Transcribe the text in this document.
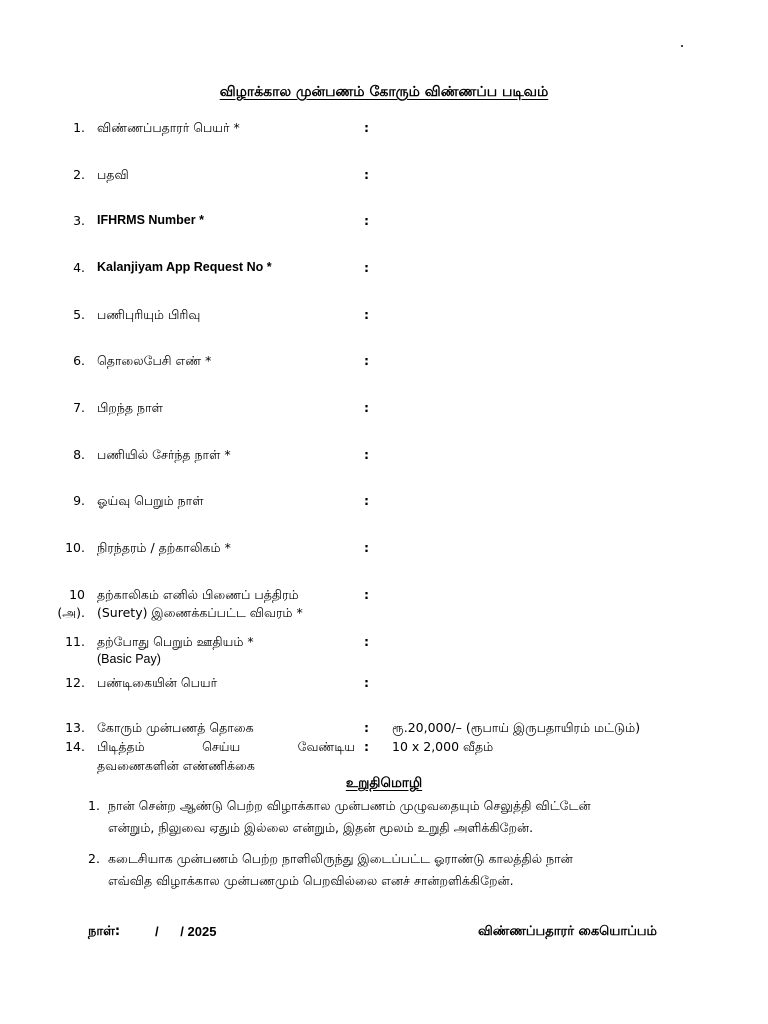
விழாக்கால முன்பணம் கோரும் விண்ணப்ப படிவம்
1. விண்ணப்பதாரர் பெயர் *	:
2. பதவி	:
3. IFHRMS Number *	:
4. Kalanjiyam App Request No *	:
5. பணிபுரியும் பிரிவு	:
6. தொலைபேசி எண் *	:
7. பிறந்த நாள்	:
8. பணியில் சேர்ந்த நாள் *	:
9. ஓய்வு பெறும் நாள்	:
10. நிரந்தரம் / தற்காலிகம் *	:
10 தற்காலிகம் எனில் பிணைப் பத்திரம்	:
(அ). (Surety) இணைக்கப்பட்ட விவரம் *
11. தற்போது பெறும் ஊதியம் *	:
(Basic Pay)
12. பண்டிகையின் பெயர்	:
13. கோரும் முன்பணத் தொகை	: ரூ.20,000/– (ரூபாய் இருபதாயிரம் மட்டும்)
14. பிடித்தம்	செய்ய	வேண்டிய : 10 x 2,000 வீதம்
தவணைகளின் எண்ணிக்கை
உறுதிமொழி
1. நான் சென்ற ஆண்டு பெற்ற விழாக்கால முன்பணம் முழுவதையும் செலுத்தி விட்டேன்
என்றும், நிலுவை ஏதும் இல்லை என்றும், இதன் மூலம் உறுதி அளிக்கிறேன்.
2. கடைசியாக முன்பணம் பெற்ற நாளிலிருந்து இடைப்பட்ட ஓராண்டு காலத்தில் நான்
எவ்வித விழாக்கால முன்பணமும் பெறவில்லை எனச் சான்றளிக்கிறேன்.
நாள்:	/      / 2025	விண்ணப்பதாரர் கையொப்பம்
